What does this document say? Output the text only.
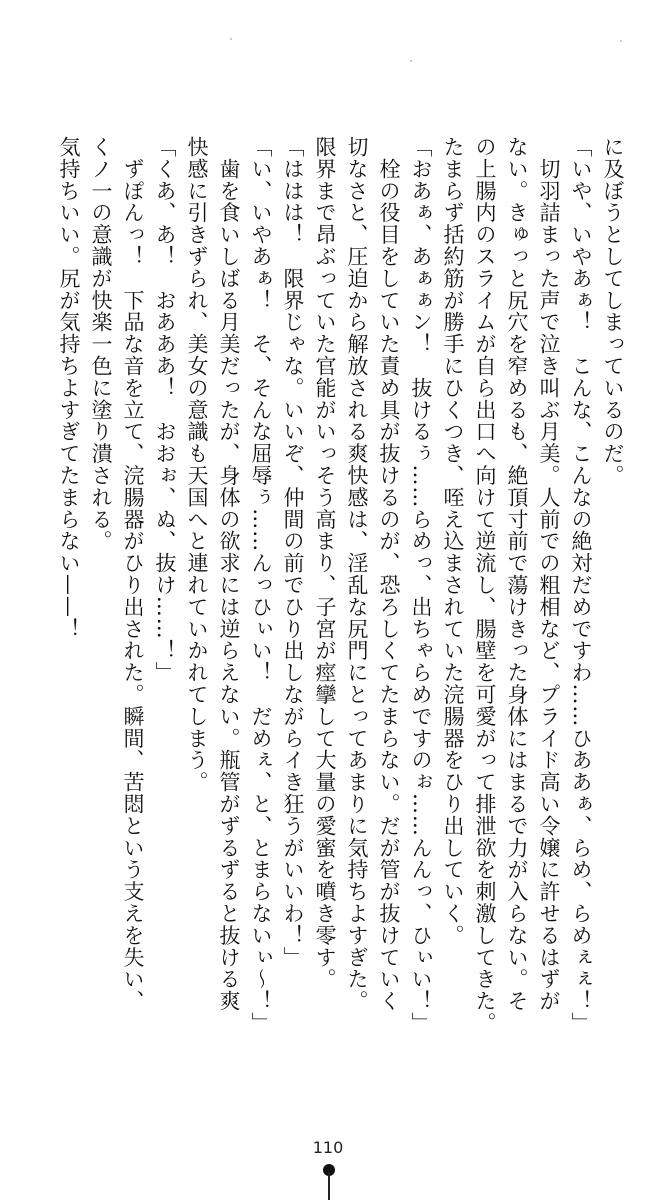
に及ぼうとしてしまっているのだ。
「いや、いやあぁ！　こんな、こんなの絶対だめですわ……ひああぁ、らめ、らめぇぇ！」
　切羽詰まった声で泣き叫ぶ月美。人前での粗相など、プライド高い令嬢に許せるはずが
ない。きゅっと尻穴を窄めるも、絶頂寸前で蕩けきった身体にはまるで力が入らない。そ
の上腸内のスライムが自ら出口へ向けて逆流し、腸壁を可愛がって排泄欲を刺激してきた。
たまらず括約筋が勝手にひくつき、咥え込まされていた浣腸器をひり出していく。
「おあぁ、あぁぁン！　抜けるぅ……らめっ、出ちゃらめですのぉ……んんっ、ひぃい！」
　栓の役目をしていた責め具が抜けるのが、恐ろしくてたまらない。だが管が抜けていく
切なさと、圧迫から解放される爽快感は、淫乱な尻門にとってあまりに気持ちよすぎた。
限界まで昂ぶっていた官能がいっそう高まり、子宮が痙攣して大量の愛蜜を噴き零す。
「ははは！　限界じゃな。いいぞ、仲間の前でひり出しながらイき狂うがいいわ！」
「い、いやあぁ！　そ、そんな屈辱ぅ……んっひぃい！　だめぇ、と、とまらないぃ〜！」
　歯を食いしばる月美だったが、身体の欲求には逆らえない。瓶管がずるずると抜ける爽
快感に引きずられ、美女の意識も天国へと連れていかれてしまう。
「くあ、あ！　おあああ！　おおぉ、ぬ、抜け……！」
　ずぽんっ！　下品な音を立て、浣腸器がひり出された。瞬間、苦悶という支えを失い、
くノ一の意識が快楽一色に塗り潰される。
気持ちいい。尻が気持ちよすぎてたまらない——！
110
